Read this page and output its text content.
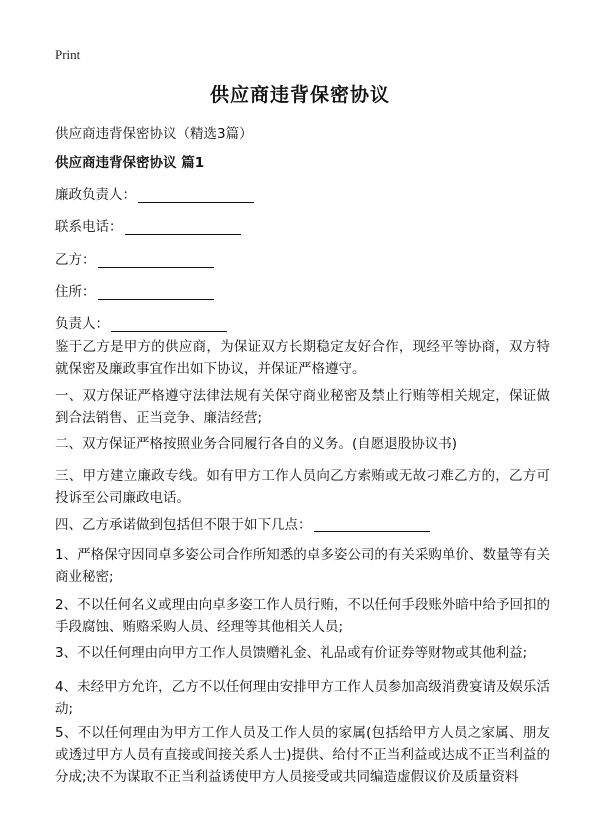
Print
供应商违背保密协议
供应商违背保密协议（精选3篇）
供应商违背保密协议 篇1
廉政负责人：
联系电话：
乙方：
住所：
负责人：
鉴于乙方是甲方的供应商，为保证双方长期稳定友好合作，现经平等协商，双方特就保密及廉政事宜作出如下协议，并保证严格遵守。
一、双方保证严格遵守法律法规有关保守商业秘密及禁止行贿等相关规定，保证做到合法销售、正当竞争、廉洁经营;
二、双方保证严格按照业务合同履行各自的义务。(自愿退股协议书)
三、甲方建立廉政专线。如有甲方工作人员向乙方索贿或无故刁难乙方的，乙方可投诉至公司廉政电话。
四、乙方承诺做到包括但不限于如下几点：
1、严格保守因同卓多姿公司合作所知悉的卓多姿公司的有关采购单价、数量等有关商业秘密;
2、不以任何名义或理由向卓多姿工作人员行贿，不以任何手段账外暗中给予回扣的手段腐蚀、贿赂采购人员、经理等其他相关人员;
3、不以任何理由向甲方工作人员馈赠礼金、礼品或有价证券等财物或其他利益;
4、未经甲方允许，乙方不以任何理由安排甲方工作人员参加高级消费宴请及娱乐活动;
5、不以任何理由为甲方工作人员及工作人员的家属(包括给甲方人员之家属、朋友或透过甲方人员有直接或间接关系人士)提供、给付不正当利益或达成不正当利益的分成;决不为谋取不正当利益诱使甲方人员接受或共同编造虚假议价及质量资料
